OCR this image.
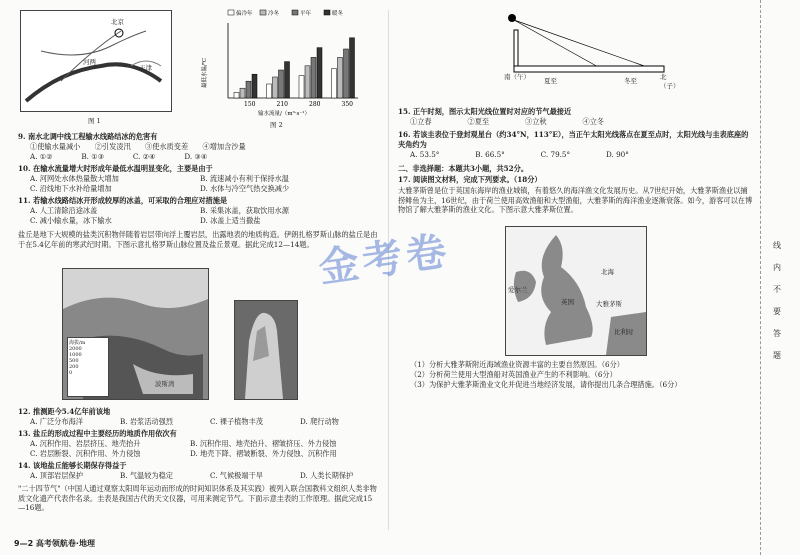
北京
天津
河两
图 1
150	210	280	350
偏冷年	冷冬	平年	暖冬
输水流量/（m³·s⁻¹）
最低水温/℃
图 2
9. 南水北调中线工程输水线路结冰的危害有
①使输水量减小　　②引发凌汛　　③使水质变差　　④增加含沙量
A. ①②　　　　B. ①③　　　　C. ②④　　　　D. ③④
10. 在输水流量增大时形成年最低水温明显变化，主要是由于
A. 河网处水体热量散大增加	B. 流速减小有利于保持水温
C. 沿线地下水补给量增加	D. 水体与冷空气热交换减少
11. 若输水线路结冰开形成较厚的冰盖，可采取的合理应对措施是
A. 人工清除沿途冰盖	B. 采集冰盖，获取饮用水源
C. 减小输水量，冰下输水	D. 冰盖上适当撒盐
盐丘是地下大规模的盐类沉积物伴随着岩层带向浮上覆岩层，出露地表的地质构造。伊朗扎格罗斯山脉的盐丘是由于在5.4亿年前的寒武纪时期。下图示意扎格罗斯山脉位置及盐丘景观。据此完成12—14题。
海拔/m
2000
1000
500
200
0
波斯湾
12. 推测距今5.4亿年前该地
A. 广泛分布海洋	B. 岩浆活动强烈	C. 裸子植物丰茂	D. 爬行动物
13. 盐丘的形成过程中主要经历的地质作用依次有
A. 沉积作用、岩层挤压、地壳抬升	B. 沉积作用、地壳抬升、褶皱挤压、外力侵蚀
C. 岩层断裂、沉积作用、外力侵蚀	D. 地壳下降、褶皱断裂、外力侵蚀、沉积作用
14. 该地盐丘能够长期保存得益于
A. 顶部岩层保护	B. 气温较为稳定	C. 气候极端干旱	D. 人类长期保护
"二十四节气"（中国人通过观察太阳周年运动而形成的时间知识体系及其实践）被列入联合国教科文组织人类非物质文化遗产代表作名录。圭表是我国古代的天文仪器，可用来测定节气。下面示意圭表的工作原理。据此完成15—16题。
南（午）	北（子）
夏至	冬至
15. 正午时刻，图示太阳光线位置时对应的节气最接近
①立春　　　　　②夏至　　　　　③立秋　　　　　④立冬
16. 若该圭表位于登封观星台（约34°N，113°E），当正午太阳光线落点在夏至点时，太阳光线与圭表底座的夹角约为
A. 53.5°　　　　　B. 66.5°　　　　　C. 79.5°　　　　　D. 90°
二、非选择题：本题共3小题，共52分。
17. 阅读图文材料，完成下列要求。（18分）
大雅茅斯曾是位于英国东海岸的渔业城镇，有着悠久的海洋渔文化发展历史。从7世纪开始，大雅茅斯渔业以捕捞鲱鱼为主，16世纪，由于荷兰使用高效渔船和大型渔船，大雅茅斯的海洋渔业逐渐衰落。如今，游客可以在博物馆了解大雅茅斯的渔业文化。下图示意大雅茅斯位置。
北海
英国
爱尔兰
大雅茅斯
比利时
（1）分析大雅茅斯附近海域渔业资源丰富的主要自然原因。（6分）
（2）分析荷兰使用大型渔船对英国渔业产生的不利影响。（6分）
（3）为保护大雅茅斯渔业文化并促进当地经济发展，请你提出几条合理措施。（6分）
金考卷	线
内
不
要
答
题
9—2 高考领航卷·地理
